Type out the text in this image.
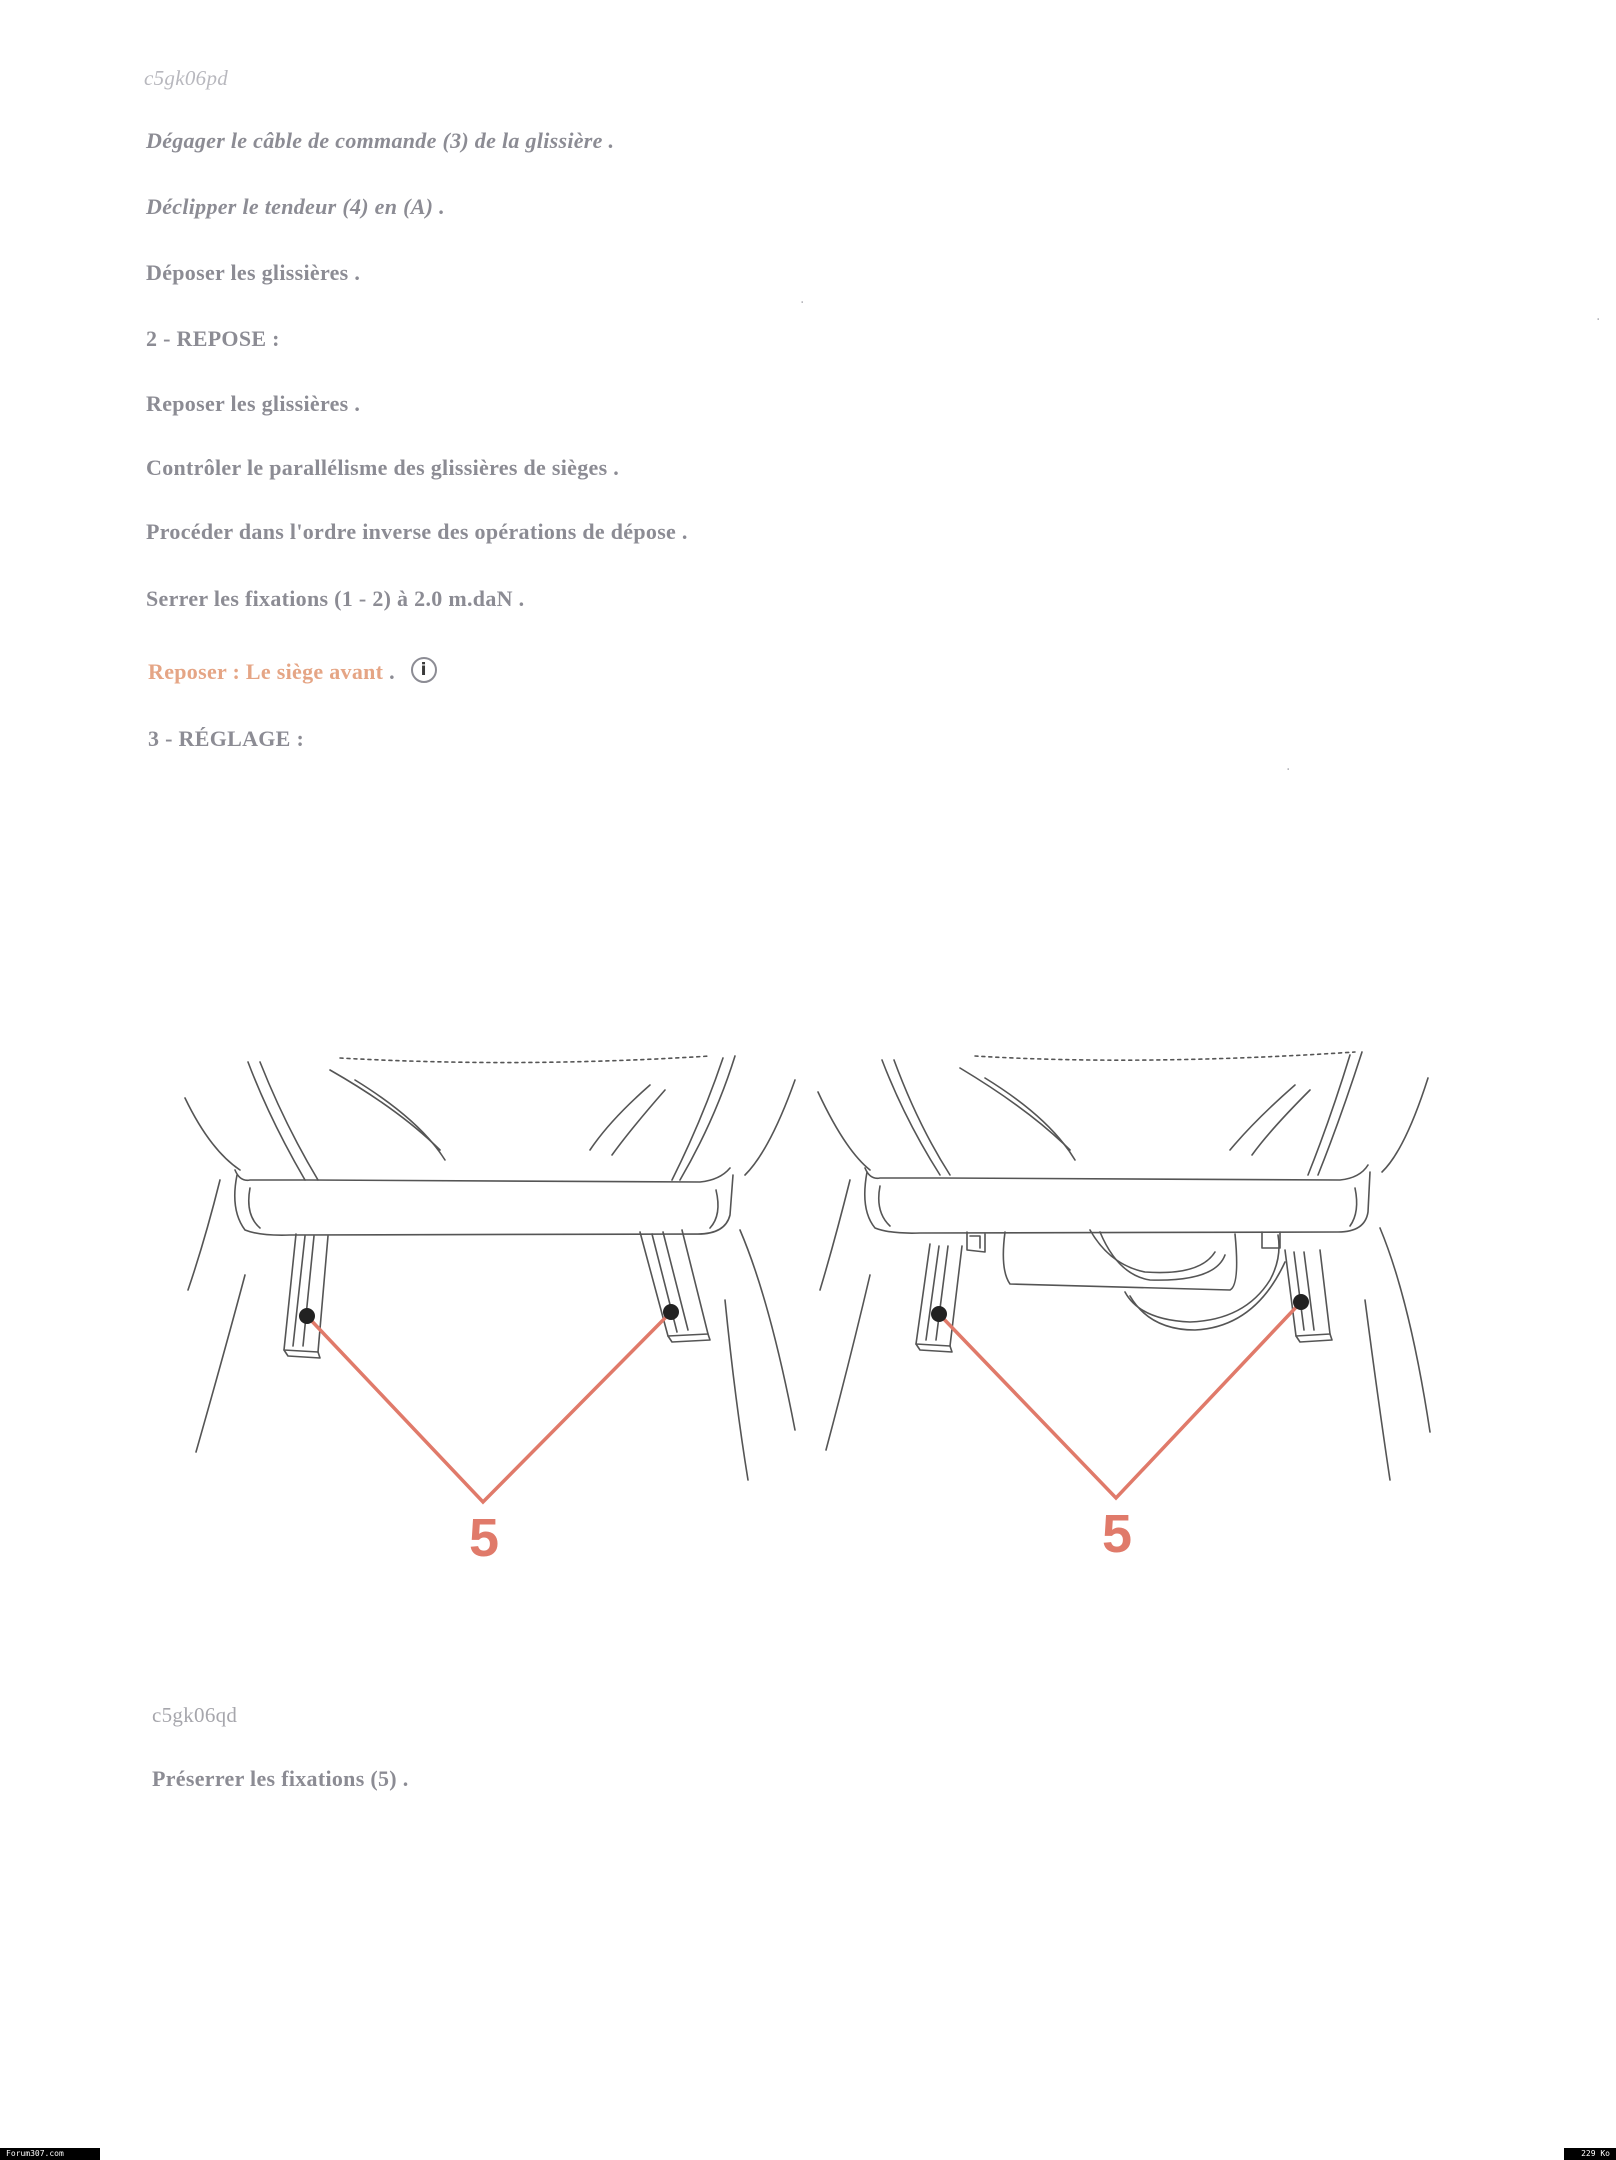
c5gk06pd
Dégager le câble de commande (3) de la glissière .
Déclipper le tendeur (4) en (A) .
Déposer les glissières .
2 - REPOSE :
Reposer les glissières .
Contrôler le parallélisme des glissières de sièges .
Procéder dans l'ordre inverse des opérations de dépose .
Serrer les fixations (1 - 2) à 2.0 m.daN .
Reposer : Le siège avant . i
3 - RÉGLAGE :
5	5
c5gk06qd
Préserrer les fixations (5) .
·
·
·
Forum307.com	229 Ko
